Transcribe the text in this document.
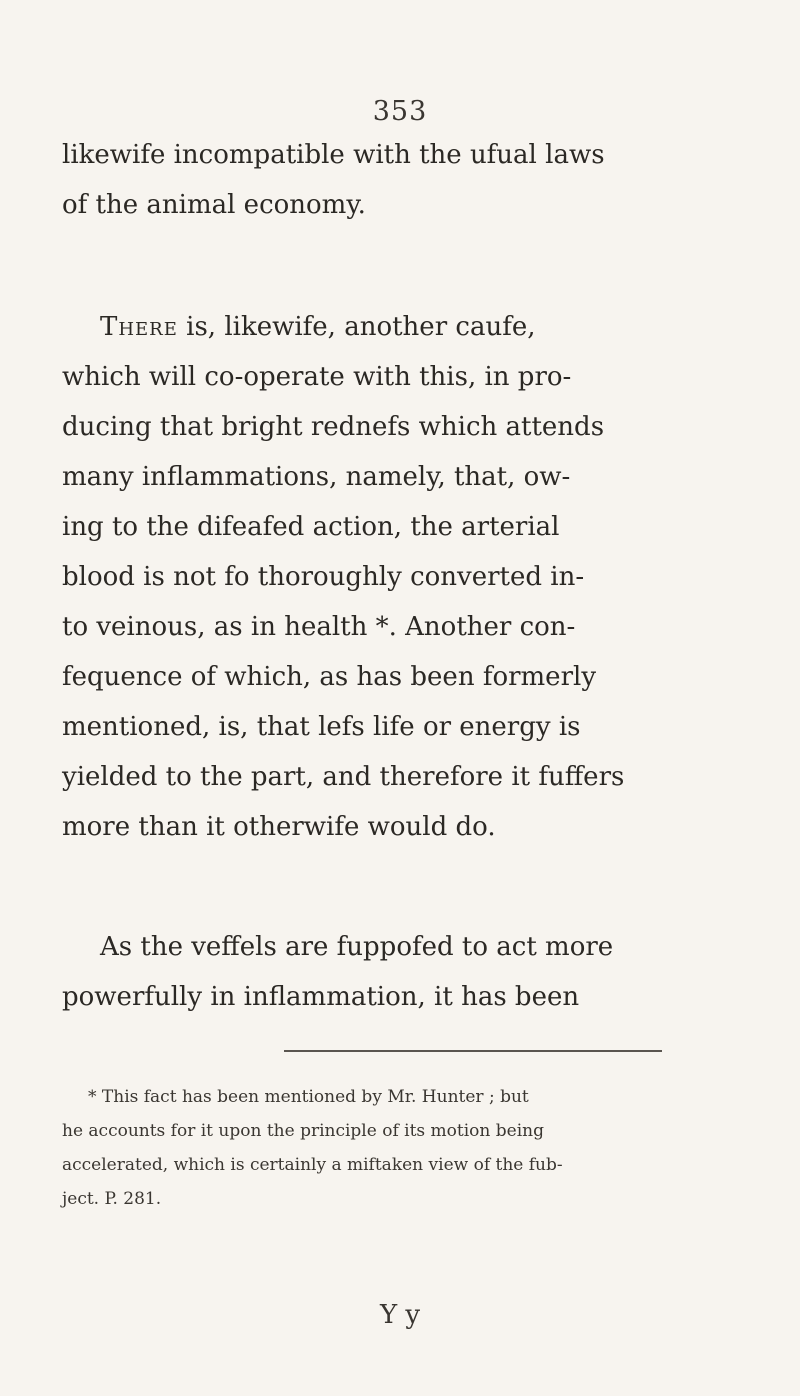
353
likewife incompatible with the ufual laws
of the animal economy.
There is, likewife, another caufe,
which will co-operate with this, in pro-
ducing that bright rednefs which attends
many inflammations, namely, that, ow-
ing to the difeafed action, the arterial
blood is not fo thoroughly converted in-
to veinous, as in health *. Another con-
fequence of which, as has been formerly
mentioned, is, that lefs life or energy is
yielded to the part, and therefore it fuffers
more than it otherwife would do.
As the veffels are fuppofed to act more
powerfully in inflammation, it has been
* This fact has been mentioned by Mr. Hunter ; but
he accounts for it upon the principle of its motion being
accelerated, which is certainly a miftaken view of the fub-
ject. P. 281.
Y y
